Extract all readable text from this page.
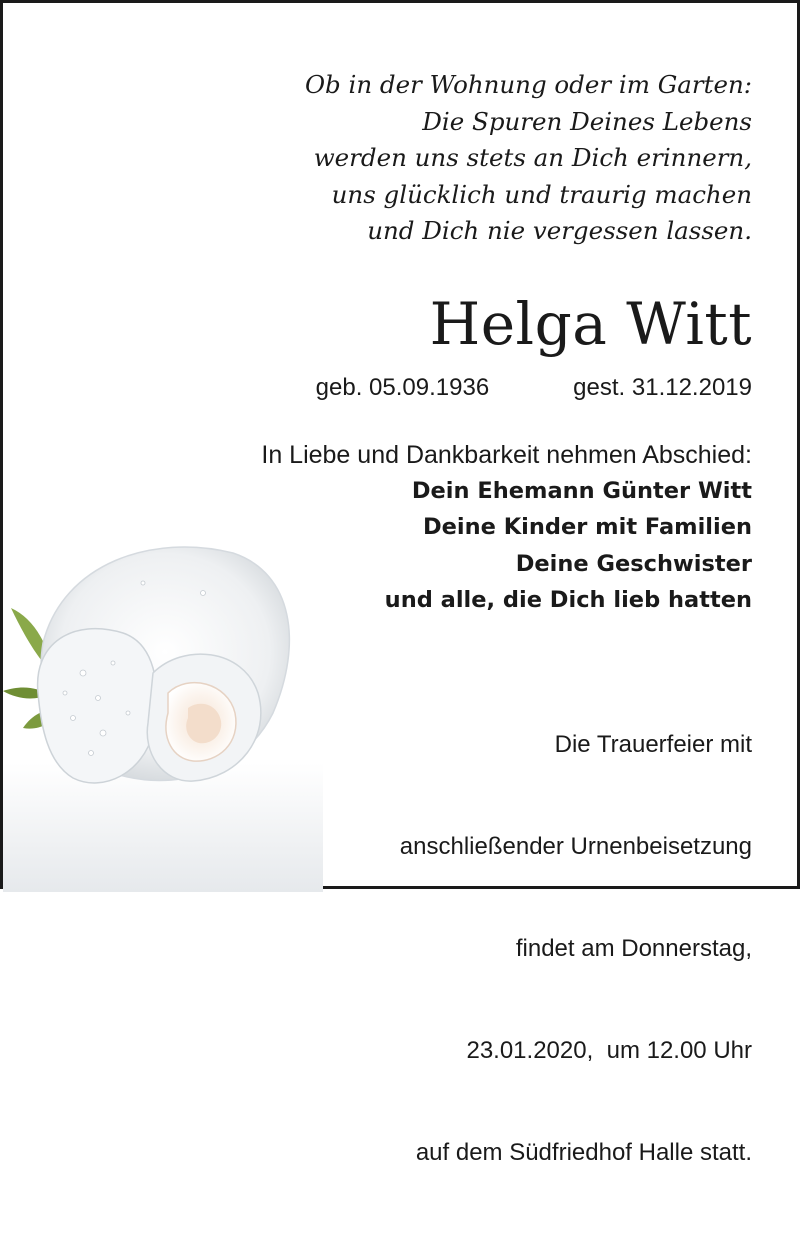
Ob in der Wohnung oder im Garten:
Die Spuren Deines Lebens
werden uns stets an Dich erinnern,
uns glücklich und traurig machen
und Dich nie vergessen lassen.
Helga Witt
geb. 05.09.1936	gest. 31.12.2019
In Liebe und Dankbarkeit nehmen Abschied:
Dein Ehemann Günter Witt
Deine Kinder mit Familien
Deine Geschwister
und alle, die Dich lieb hatten

Die Trauerfeier mit

anschließender Urnenbeisetzung

findet am Donnerstag,

23.01.2020,  um 12.00 Uhr

auf dem Südfriedhof Halle statt.
